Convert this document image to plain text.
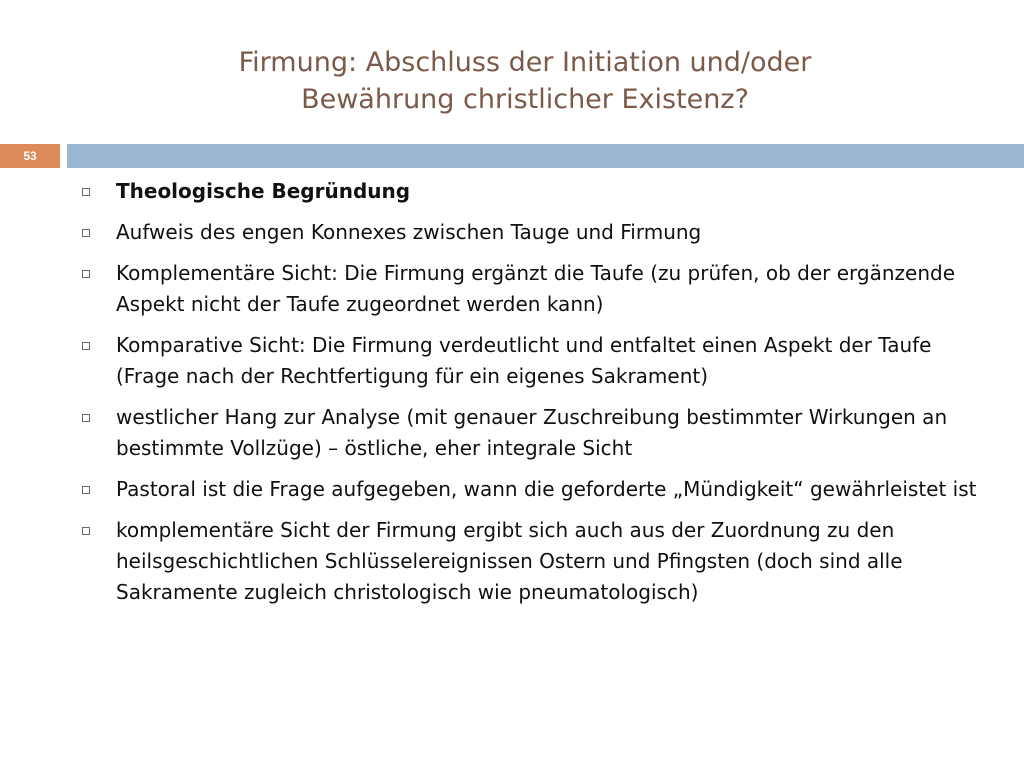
Firmung: Abschluss der Initiation und/oder
Bewährung christlicher Existenz?
53
Theologische Begründung
Aufweis des engen Konnexes zwischen Tauge und Firmung
Komplementäre Sicht: Die Firmung ergänzt die Taufe (zu prüfen, ob der ergänzende Aspekt nicht der Taufe zugeordnet werden kann)
Komparative Sicht: Die Firmung verdeutlicht und entfaltet einen Aspekt der Taufe (Frage nach der Rechtfertigung für ein eigenes Sakrament)
westlicher Hang zur Analyse (mit genauer Zuschreibung bestimmter Wirkungen an bestimmte Vollzüge) – östliche, eher integrale Sicht
Pastoral ist die Frage aufgegeben, wann die geforderte „Mündigkeit“ gewährleistet ist
komplementäre Sicht der Firmung ergibt sich auch aus der Zuordnung zu den heilsgeschichtlichen Schlüsselereignissen Ostern und Pfingsten (doch sind alle Sakramente zugleich christologisch wie pneumatologisch)
